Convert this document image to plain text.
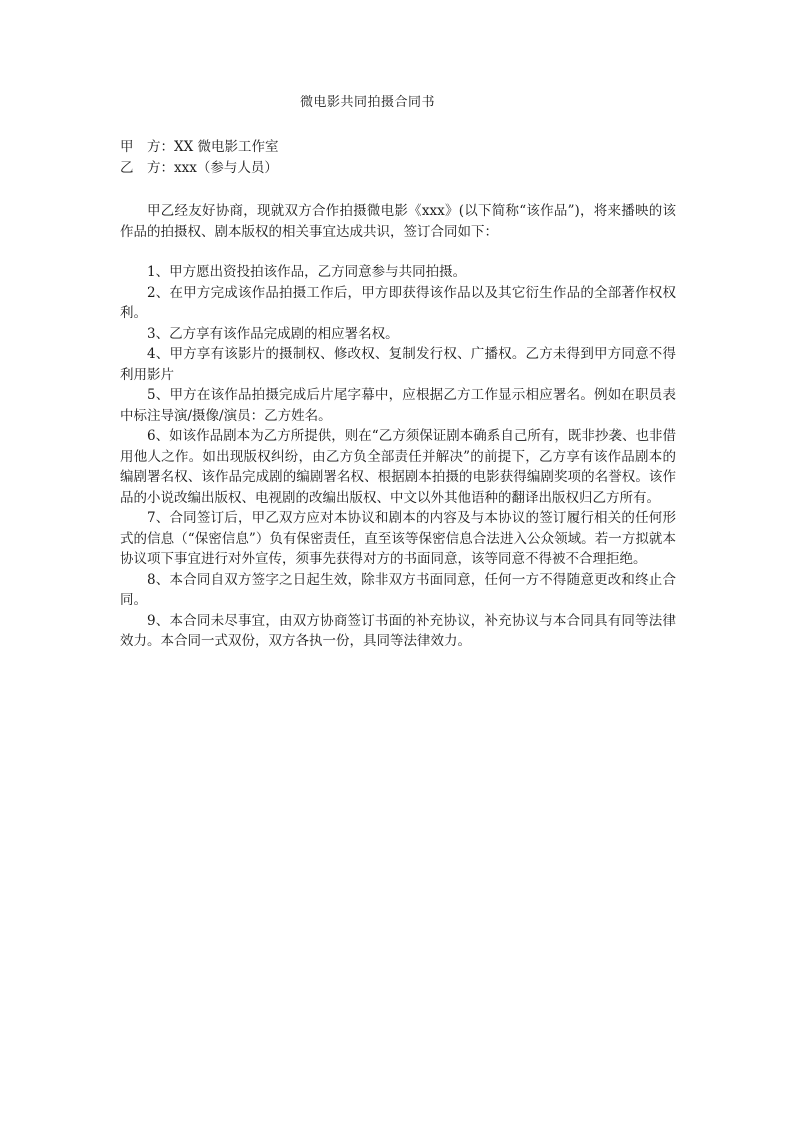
微电影共同拍摄合同书
甲　方：XX 微电影工作室
乙　方：xxx（参与人员）

甲乙经友好协商，现就双方合作拍摄微电影《xxx》(以下简称“该作品”)，将来播映的该作品的拍摄权、剧本版权的相关事宜达成共识，签订合同如下：

1、甲方愿出资投拍该作品，乙方同意参与共同拍摄。

2、在甲方完成该作品拍摄工作后，甲方即获得该作品以及其它衍生作品的全部著作权权利。

3、乙方享有该作品完成剧的相应署名权。

4、甲方享有该影片的摄制权、修改权、复制发行权、广播权。乙方未得到甲方同意不得利用影片

5、甲方在该作品拍摄完成后片尾字幕中，应根据乙方工作显示相应署名。例如在职员表中标注导演/摄像/演员：乙方姓名。

6、如该作品剧本为乙方所提供，则在“乙方须保证剧本确系自己所有，既非抄袭、也非借用他人之作。如出现版权纠纷，由乙方负全部责任并解决”的前提下，乙方享有该作品剧本的编剧署名权、该作品完成剧的编剧署名权、根据剧本拍摄的电影获得编剧奖项的名誉权。该作品的小说改编出版权、电视剧的改编出版权、中文以外其他语种的翻译出版权归乙方所有。

7、合同签订后，甲乙双方应对本协议和剧本的内容及与本协议的签订履行相关的任何形式的信息（“保密信息”）负有保密责任，直至该等保密信息合法进入公众领域。若一方拟就本协议项下事宜进行对外宣传，须事先获得对方的书面同意，该等同意不得被不合理拒绝。

8、本合同自双方签字之日起生效，除非双方书面同意，任何一方不得随意更改和终止合同。

9、本合同未尽事宜，由双方协商签订书面的补充协议，补充协议与本合同具有同等法律效力。本合同一式双份，双方各执一份，具同等法律效力。
